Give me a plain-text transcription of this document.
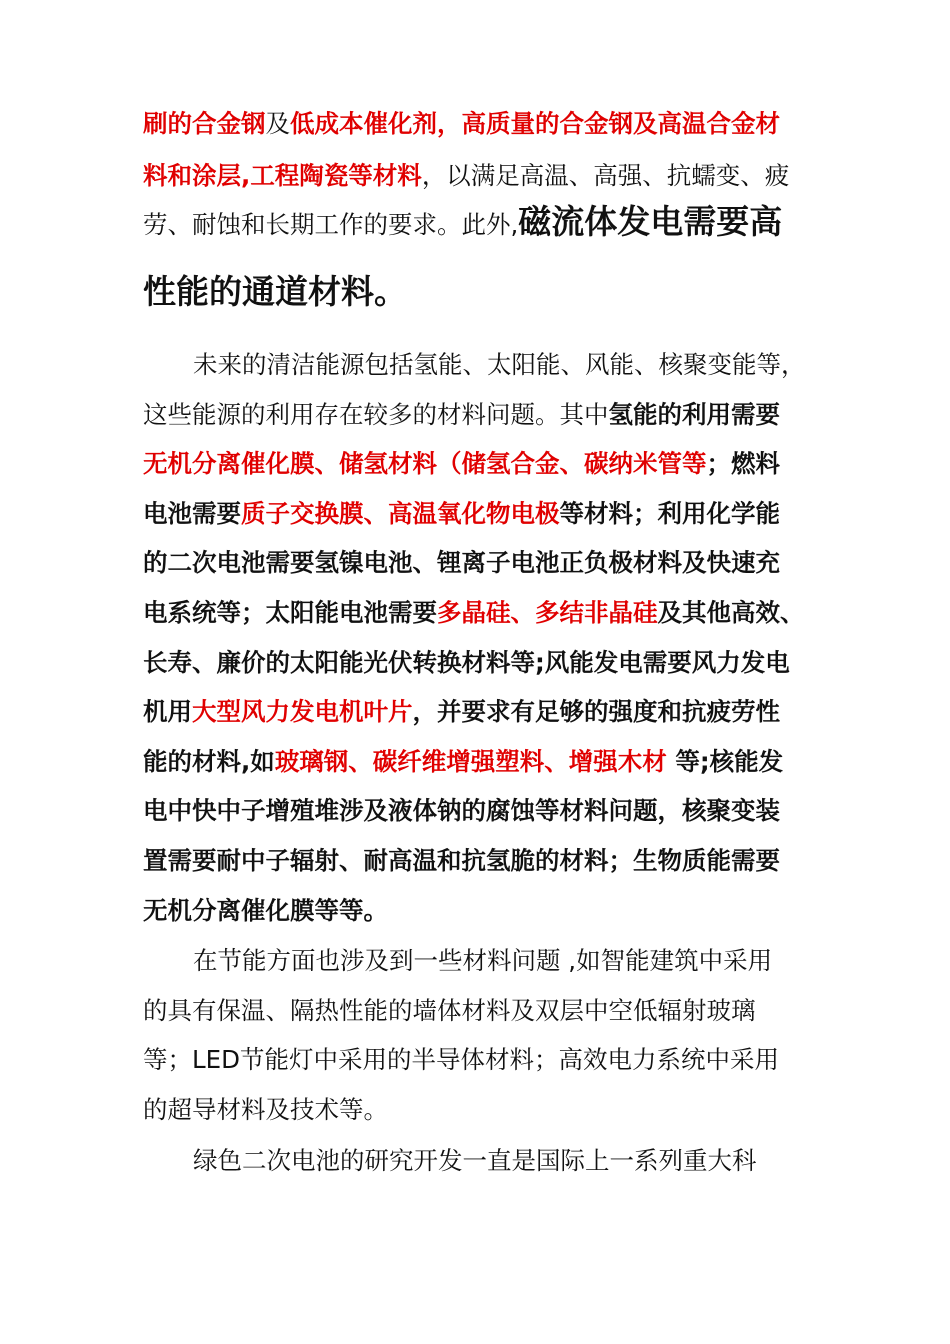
刷的合金钢及低成本催化剂，高质量的合金钢及高温合金材
料和涂层,工程陶瓷等材料，以满足高温、高强、抗蠕变、疲
劳、耐蚀和长期工作的要求。此外,磁流体发电需要高
性能的通道材料。
未来的清洁能源包括氢能、太阳能、风能、核聚变能等，
这些能源的利用存在较多的材料问题。其中氢能的利用需要
无机分离催化膜、储氢材料（储氢合金、碳纳米管等；燃料
电池需要质子交换膜、高温氧化物电极等材料；利用化学能
的二次电池需要氢镍电池、锂离子电池正负极材料及快速充
电系统等；太阳能电池需要多晶硅、多结非晶硅及其他高效、
长寿、廉价的太阳能光伏转换材料等;风能发电需要风力发电
机用大型风力发电机叶片，并要求有足够的强度和抗疲劳性
能的材料,如玻璃钢、碳纤维增强塑料、增强木材 等;核能发
电中快中子增殖堆涉及液体钠的腐蚀等材料问题，核聚变装
置需要耐中子辐射、耐高温和抗氢脆的材料；生物质能需要
无机分离催化膜等等。
在节能方面也涉及到一些材料问题 ,如智能建筑中采用
的具有保温、隔热性能的墙体材料及双层中空低辐射玻璃
等；LED节能灯中采用的半导体材料；高效电力系统中采用
的超导材料及技术等。
绿色二次电池的研究开发一直是国际上一系列重大科
